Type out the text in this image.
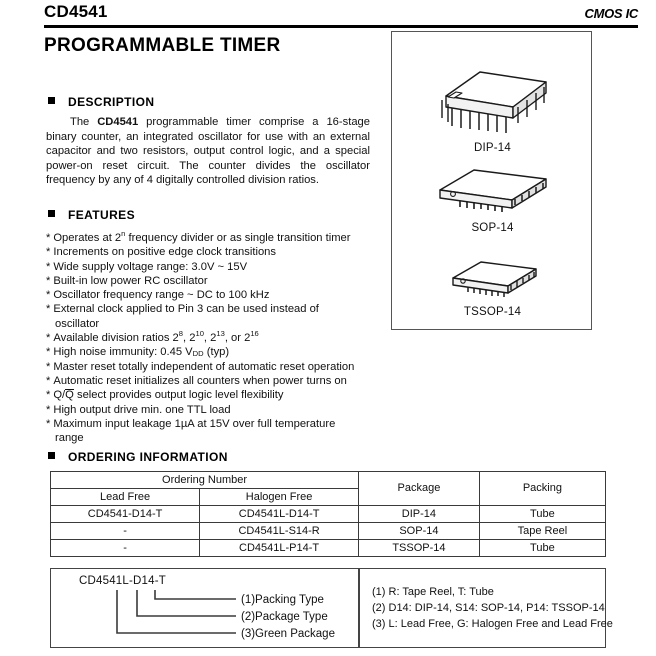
CD4541	CMOS IC
PROGRAMMABLE TIMER
DESCRIPTION
The CD4541 programmable timer comprise a 16-stage binary counter, an integrated oscillator for use with an external capacitor and two resistors, output control logic, and a special power-on reset circuit. The counter divides the oscillator frequency by any of 4 digitally controlled division ratios.
FEATURES
* Operates at 2$^n$ frequency divider or as single transition timer
* Increments on positive edge clock transitions
* Wide supply voltage range: 3.0V ~ 15V
* Built-in low power RC oscillator
* Oscillator frequency range ~ DC to 100 kHz
* External clock applied to Pin 3 can be used instead of
oscillator
* Available division ratios $2^8$, $2^{10}$, $2^{13}$, or $2^{16}$
* High noise immunity: 0.45 $V_{DD}$ (typ)
* Master reset totally independent of automatic reset operation
* Automatic reset initializes all counters when power turns on
* Q/Q select provides output logic level flexibility
* High output drive min. one TTL load
* Maximum input leakage 1µA at 15V over full temperature
range
DIP-14
SOP-14
TSSOP-14
ORDERING INFORMATION
Ordering Number		Package	Packing
Lead Free	Halogen Free		
CD4541-D14-T	CD4541L-D14-T	DIP-14	Tube
-	CD4541L-S14-R	SOP-14	Tape Reel
-	CD4541L-P14-T	TSSOP-14	Tube
CD4541L-D14-T
(1)Packing Type
(2)Package Type
(3)Green Package
(1) R: Tape Reel, T: Tube
(2) D14: DIP-14, S14: SOP-14, P14: TSSOP-14
(3) L: Lead Free, G: Halogen Free and Lead Free
